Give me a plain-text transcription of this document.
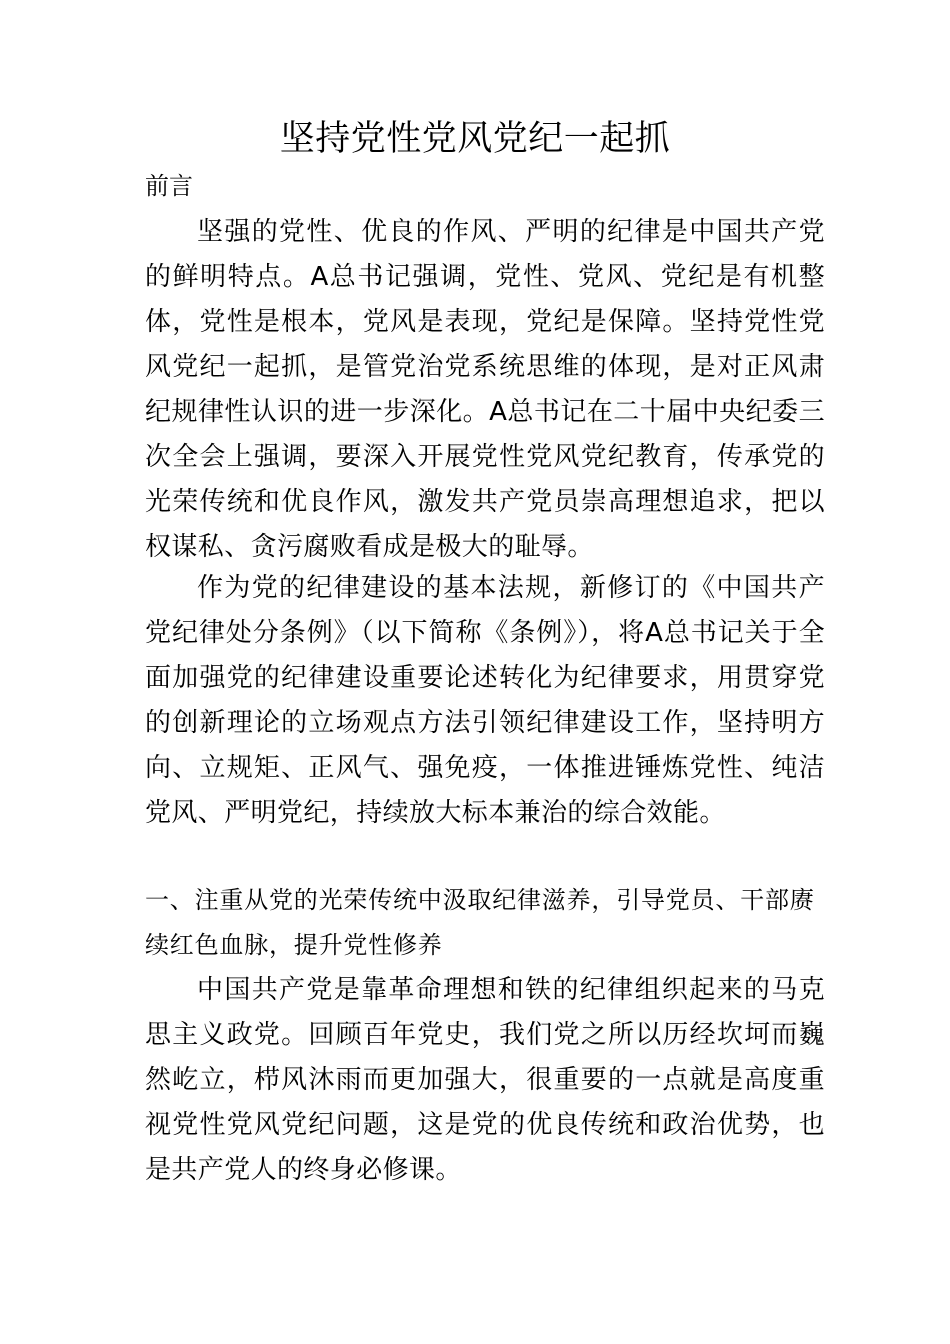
坚持党性党风党纪一起抓
前言

坚强的党性、优良的作风、严明的纪律是中国共产党的鲜明特点。A总书记强调，党性、党风、党纪是有机整体，党性是根本，党风是表现，党纪是保障。坚持党性党风党纪一起抓，是管党治党系统思维的体现，是对正风肃纪规律性认识的进一步深化。A总书记在二十届中央纪委三次全会上强调，要深入开展党性党风党纪教育，传承党的光荣传统和优良作风，激发共产党员崇高理想追求，把以权谋私、贪污腐败看成是极大的耻辱。

作为党的纪律建设的基本法规，新修订的《中国共产党纪律处分条例》（以下简称《条例》），将A总书记关于全面加强党的纪律建设重要论述转化为纪律要求，用贯穿党的创新理论的立场观点方法引领纪律建设工作，坚持明方向、立规矩、正风气、强免疫，一体推进锤炼党性、纯洁党风、严明党纪，持续放大标本兼治的综合效能。

一、注重从党的光荣传统中汲取纪律滋养，引导党员、干部赓续红色血脉，提升党性修养

中国共产党是靠革命理想和铁的纪律组织起来的马克思主义政党。回顾百年党史，我们党之所以历经坎坷而巍然屹立，栉风沐雨而更加强大，很重要的一点就是高度重视党性党风党纪问题，这是党的优良传统和政治优势，也是共产党人的终身必修课。
